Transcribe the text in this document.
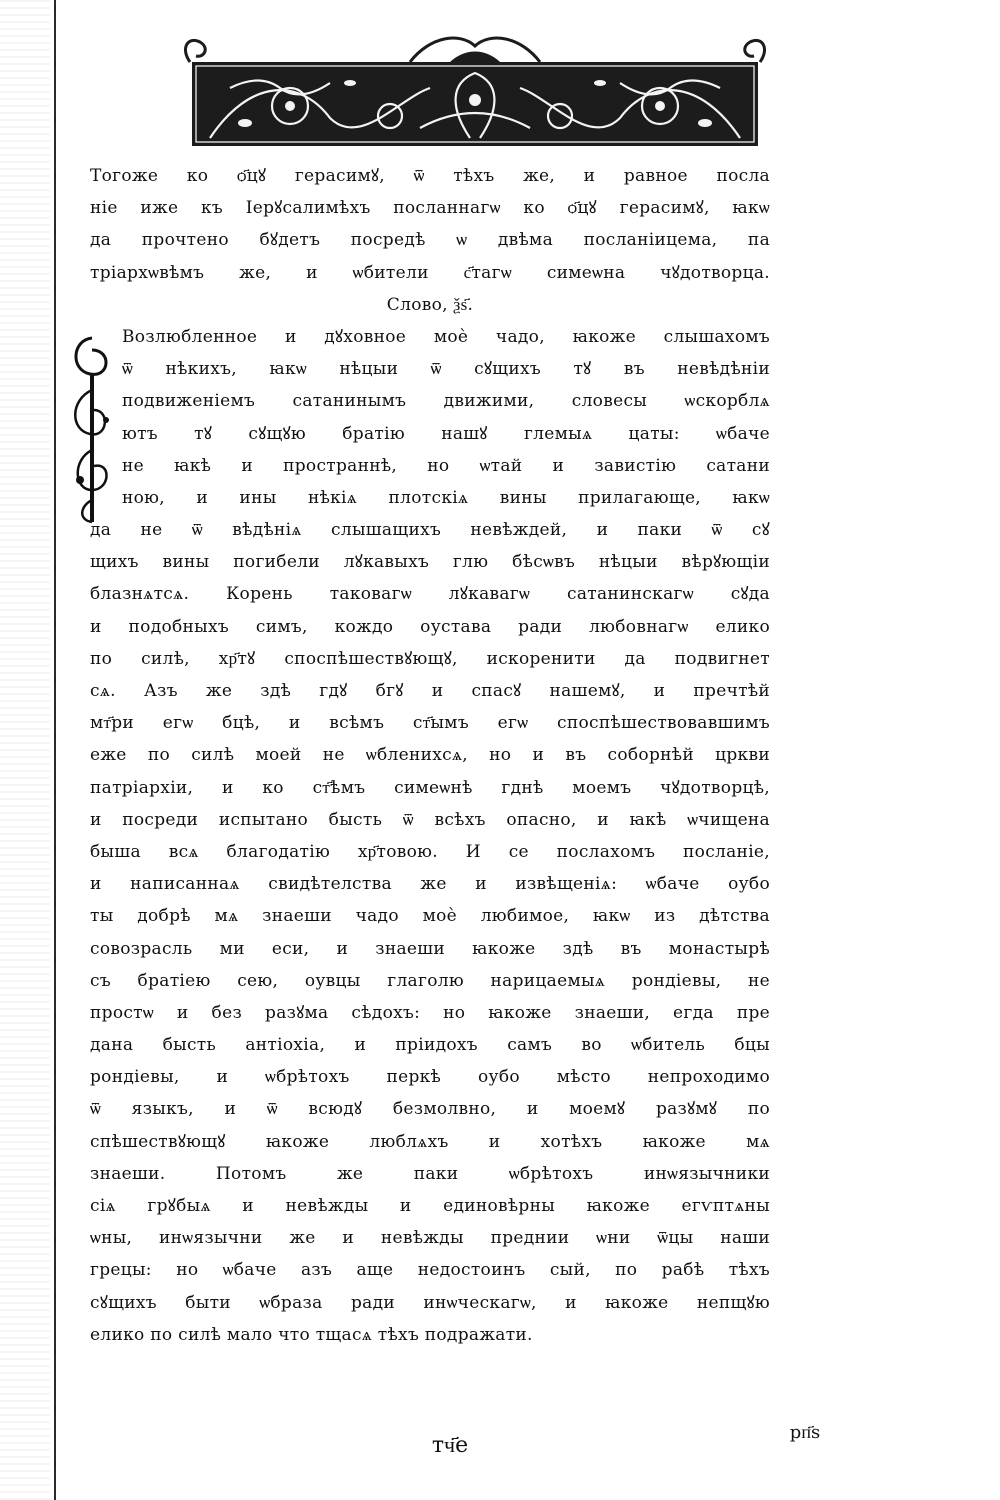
Тогоже ко ѻ҃цꙋ герасимꙋ, ѿ тѣхъ же, и равное посла
ніе иже къ Іерꙋсалимѣхъ посланнагѡ ко ѻ҃цꙋ герасимꙋ, ꙗкѡ
да прочтено бꙋдетъ посредѣ ѡ двѣма посланіицема, па
тріархѡвѣмъ же, и ѡбители с҃тагѡ симеѡна чꙋдотворца.
Слово, ѯѕ҃.
Возлюбленное и дꙋховное моѐ чадо, ꙗкоже слышахомъ
ѿ нѣкихъ, ꙗкѡ нѣцыи ѿ сꙋщихъ тꙋ въ невѣдѣніи
подвиженіемъ сатанинымъ движими, словесы ѡскорблѧ
ютъ тꙋ сꙋщꙋю братію нашꙋ глемыѧ цаты: ѡбаче
не ꙗкѣ и пространнѣ, но ѡтай и завистію сатани
ною, и ины нѣкіѧ плотскіѧ вины прилагающе, ꙗкѡ
да не ѿ вѣдѣніѧ слышащихъ невѣждей, и паки ѿ сꙋ
щихъ вины погибели лꙋкавыхъ глю бѣсѡвъ нѣцыи вѣрꙋющіи
блазнѧтсѧ. Корень таковагѡ лꙋкавагѡ сатанинскагѡ сꙋда
и подобныхъ симъ, кождо оуставa ради любовнагѡ елико
по силѣ, хр҃тꙋ споспѣшествꙋющꙋ, искоренити да подвигнет
сѧ. Азъ же здѣ гдꙋ бгꙋ и спасꙋ нашемꙋ, и пречтѣй
мт҃ри егѡ бцѣ, и всѣмъ ст҃ымъ егѡ споспѣшествовавшимъ
еже по силѣ моей не ѡбленихсѧ, но и въ соборнѣй цркви
патріархіи, и ко ст҃ѣмъ симеѡнѣ гднѣ моемъ чꙋдотворцѣ,
и посреди испытано бысть ѿ всѣхъ опасно, и ꙗкѣ ѡчищена
быша всѧ благодатію хр҃товою. И се послахомъ посланіе,
и написаннаѧ свидѣтелства же и извѣщеніѧ: ѡбаче оубо
ты добрѣ мѧ знаеши чадо моѐ любимое, ꙗкѡ из дѣтства
совозрасль ми еси, и знаеши ꙗкоже здѣ въ монастырѣ
съ братіею сею, оувцы глаголю нарицаемыѧ рондіевы, не
простѡ и без разꙋма сѣдохъ: но ꙗкоже знаеши, егда пре
дана бысть антіохіа, и пріидохъ самъ во ѡбитель бцы
рондіевы, и ѡбрѣтохъ перкѣ оубо мѣсто непроходимо
ѿ языкъ, и ѿ всюдꙋ безмолвно, и моемꙋ разꙋмꙋ по
спѣшествꙋющꙋ ꙗкоже люблѧхъ и хотѣхъ ꙗкоже мѧ
знаеши. Потомъ же паки ѡбрѣтохъ инѡязычники
сіѧ грꙋбыѧ и невѣжды и единовѣрны ꙗкоже егѵптѧны
ѡны, инѡязычни же и невѣжды преднии ѡни ѿцы наши
грецы: но ѡбаче азъ аще недостоинъ сый, по рабѣ тѣхъ
сꙋщихъ быти ѡбраза ради инѡческагѡ, и ꙗкоже непщꙋю
елико по силѣ мало что тщасѧ тѣхъ подражати.
тч҃е
рп҃ѕ
